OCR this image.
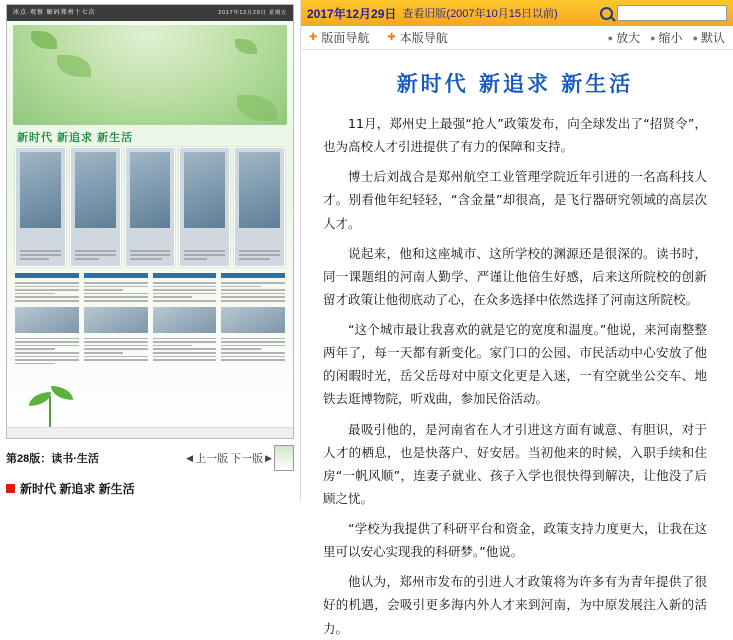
冰点·观察 解码郑州十七次	2017年12月29日 星期五
新时代 新追求 新生活
第28版：读书·生活	◀ 上一版 下一版 ▶
新时代 新追求 新生活
2017年12月29日 查看旧版(2007年10月15日以前)
✚ 版面导航 ✚ 本版导航	● 放大 ● 缩小 ● 默认
新时代 新追求 新生活

11月，郑州史上最强“抢人”政策发布，向全球发出了“招贤令”，也为高校人才引进提供了有力的保障和支持。

博士后刘战合是郑州航空工业管理学院近年引进的一名高科技人才。别看他年纪轻轻，“含金量”却很高，是飞行器研究领域的高层次人才。

说起来，他和这座城市、这所学校的渊源还是很深的。读书时，同一课题组的河南人勤学、严谨让他倍生好感，后来这所院校的创新留才政策让他彻底动了心，在众多选择中依然选择了河南这所院校。

“这个城市最让我喜欢的就是它的宽度和温度。”他说，来河南整整两年了，每一天都有新变化。家门口的公园、市民活动中心安放了他的闲暇时光，岳父岳母对中原文化更是入迷，一有空就坐公交车、地铁去逛博物院，听戏曲，参加民俗活动。

最吸引他的，是河南省在人才引进这方面有诚意、有胆识，对于人才的栖息，也是快落户、好安居。当初他来的时候，入职手续和住房“一帆风顺”，连妻子就业、孩子入学也很快得到解决，让他没了后顾之忧。

“学校为我提供了科研平台和资金，政策支持力度更大，让我在这里可以安心实现我的科研梦。”他说。

他认为，郑州市发布的引进人才政策将为许多有为青年提供了很好的机遇，会吸引更多海内外人才来到河南，为中原发展注入新的活力。
